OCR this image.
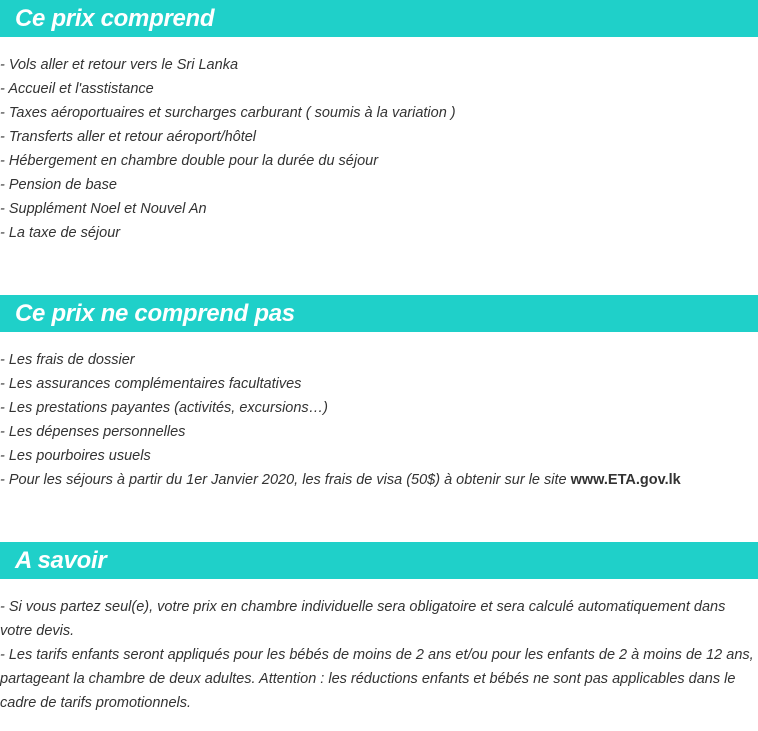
Ce prix comprend
- Vols aller et retour vers le Sri Lanka
- Accueil et l'asstistance
- Taxes aéroportuaires et surcharges carburant ( soumis à la variation )
- Transferts aller et retour aéroport/hôtel
- Hébergement en chambre double pour la durée du séjour
- Pension de base
- Supplément Noel et Nouvel An
- La taxe de séjour
Ce prix ne comprend pas
- Les frais de dossier
- Les assurances complémentaires facultatives
- Les prestations payantes (activités, excursions…)
- Les dépenses personnelles
- Les pourboires usuels
- Pour les séjours à partir du 1er Janvier 2020, les frais de visa (50$) à obtenir sur le site www.ETA.gov.lk
A savoir
- Si vous partez seul(e), votre prix en chambre individuelle sera obligatoire et sera calculé automatiquement dans votre devis.
- Les tarifs enfants seront appliqués pour les bébés de moins de 2 ans et/ou pour les enfants de 2 à moins de 12 ans, partageant la chambre de deux adultes. Attention : les réductions enfants et bébés ne sont pas applicables dans le cadre de tarifs promotionnels.
